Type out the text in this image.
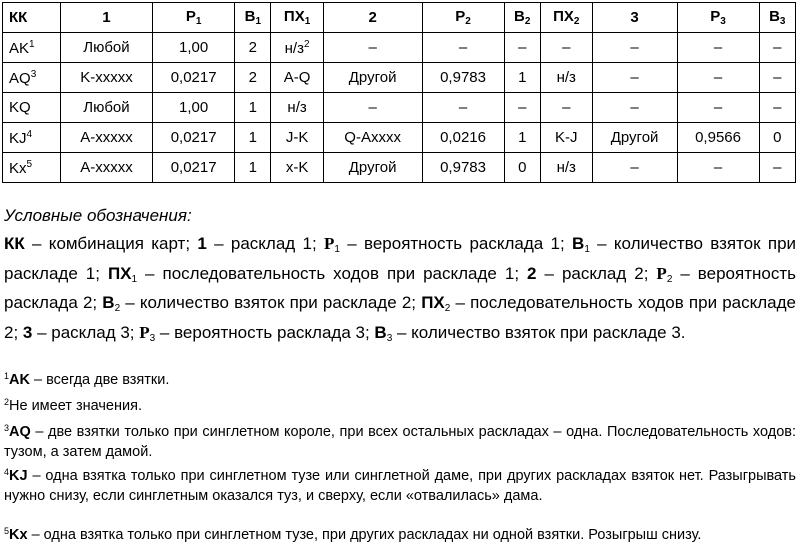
КК	1	$P_1$	$B_1$	$ПХ_1$	2	$P_2$	$B_2$	$ПХ_2$	3	$P_3$	$B_3$
$AK^1$	Любой	1,00	2	$н/з^2$	–	–	–	–	–	–	–
$AQ^3$	K-xxxxx	0,0217	2	A-Q	Другой	0,9783	1	н/з	–	–	–
KQ	Любой	1,00	1	н/з	–	–	–	–	–	–	–
$KJ^4$	A-xxxxx	0,0217	1	J-K	Q-Axxxx	0,0216	1	K-J	Другой	0,9566	0
Kx$^5$	A-xxxxx	0,0217	1	x-K	Другой	0,9783	0	н/з	–	–	–

Условные обозначения:

КК – комбинация карт; 1 – расклад 1; $P_1$ – вероятность расклада 1; $B_1$ – количество взяток при раскладе 1; $ПХ_1$ – последовательность ходов при раскладе 1; 2 – расклад 2; $P_2$ – вероятность расклада 2; $B_2$ – количество взяток при раскладе 2; $ПХ_2$ – последовательность ходов при раскладе 2; 3 – расклад 3; $P_3$ – вероятность расклада 3; $B_3$ – количество взяток при раскладе 3.

$^1$AK – всегда две взятки.

$^2$Не имеет значения.

$^3$AQ – две взятки только при синглетном короле, при всех остальных раскладах – одна. Последовательность ходов: тузом, а затем дамой.

$^4$KJ – одна взятка только при синглетном тузе или синглетной даме, при других раскладах взяток нет. Разыгрывать нужно снизу, если синглетным оказался туз, и сверху, если «отвалилась» дама.

$^5$Kx – одна взятка только при синглетном тузе, при других раскладах ни одной взятки. Розыгрыш снизу.
